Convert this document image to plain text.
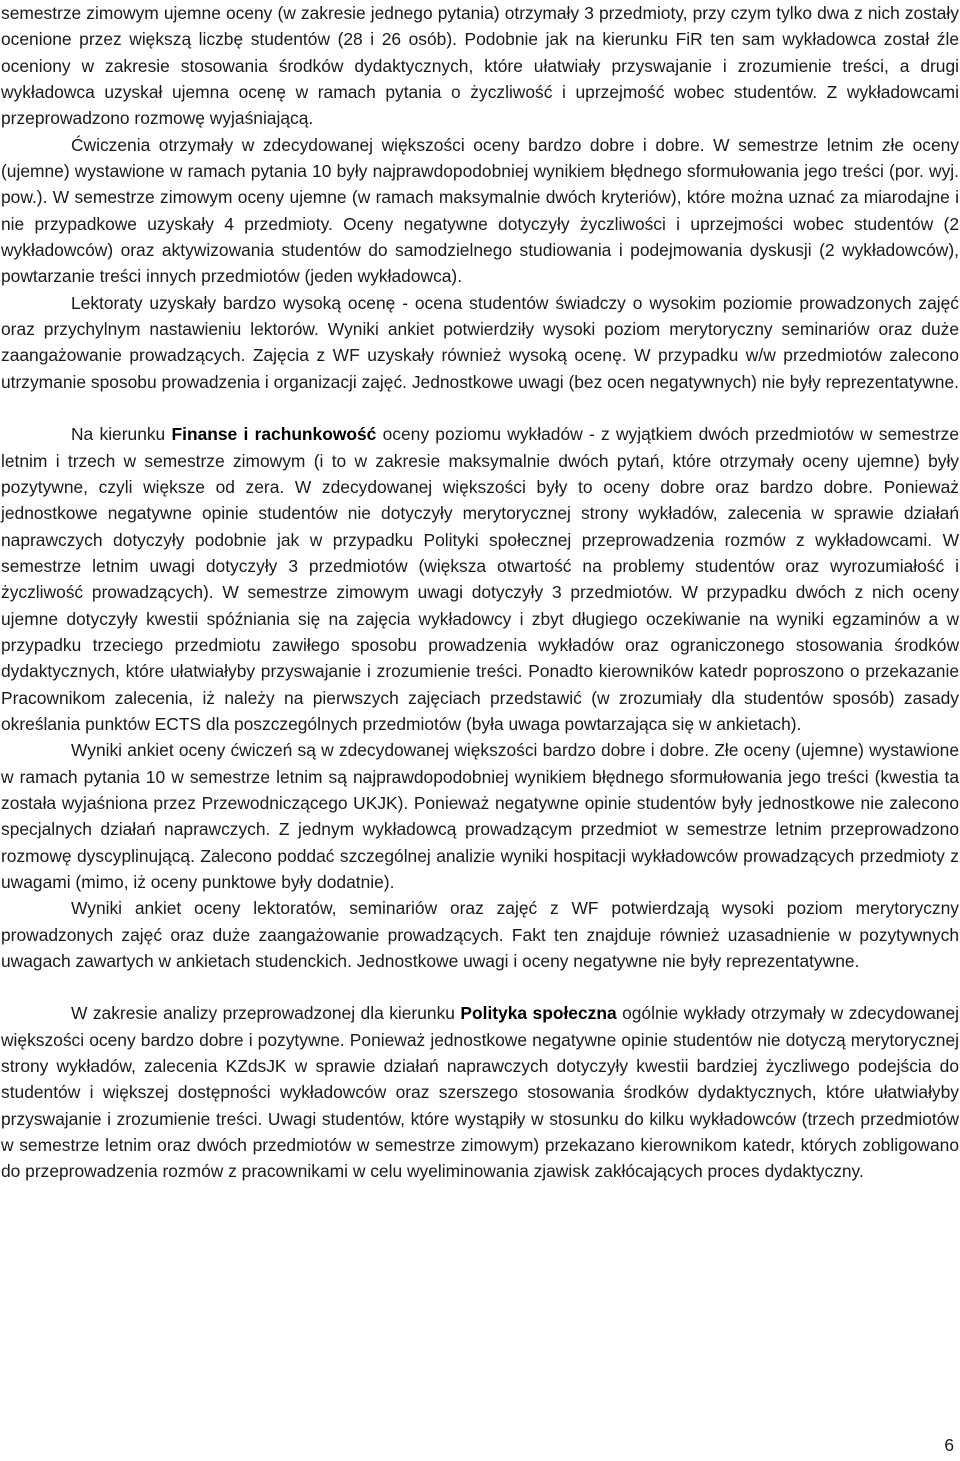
semestrze zimowym ujemne oceny (w zakresie jednego pytania) otrzymały 3 przedmioty, przy czym tylko dwa z nich zostały ocenione przez większą liczbę studentów (28 i 26 osób). Podobnie jak na kierunku FiR ten sam wykładowca został źle oceniony w zakresie stosowania środków dydaktycznych, które ułatwiały przyswajanie i zrozumienie treści, a drugi wykładowca uzyskał ujemna ocenę w ramach pytania o życzliwość i uprzejmość wobec studentów. Z wykładowcami przeprowadzono rozmowę wyjaśniającą.

Ćwiczenia otrzymały w zdecydowanej większości oceny bardzo dobre i dobre. W semestrze letnim złe oceny (ujemne) wystawione w ramach pytania 10 były najprawdopodobniej wynikiem błędnego sformułowania jego treści (por. wyj. pow.). W semestrze zimowym oceny ujemne (w ramach maksymalnie dwóch kryteriów), które można uznać za miarodajne i nie przypadkowe uzyskały 4 przedmioty. Oceny negatywne dotyczyły życzliwości i uprzejmości wobec studentów (2 wykładowców) oraz aktywizowania studentów do samodzielnego studiowania i podejmowania dyskusji (2 wykładowców), powtarzanie treści innych przedmiotów (jeden wykładowca).

Lektoraty uzyskały bardzo wysoką ocenę - ocena studentów świadczy o wysokim poziomie prowadzonych zajęć oraz przychylnym nastawieniu lektorów. Wyniki ankiet potwierdziły wysoki poziom merytoryczny seminariów oraz duże zaangażowanie prowadzących. Zajęcia z WF uzyskały również wysoką ocenę. W przypadku w/w przedmiotów zalecono utrzymanie sposobu prowadzenia i organizacji zajęć. Jednostkowe uwagi (bez ocen negatywnych) nie były reprezentatywne.

Na kierunku Finanse i rachunkowość oceny poziomu wykładów - z wyjątkiem dwóch przedmiotów w semestrze letnim i trzech w semestrze zimowym (i to w zakresie maksymalnie dwóch pytań, które otrzymały oceny ujemne) były pozytywne, czyli większe od zera. W zdecydowanej większości były to oceny dobre oraz bardzo dobre. Ponieważ jednostkowe negatywne opinie studentów nie dotyczyły merytorycznej strony wykładów, zalecenia w sprawie działań naprawczych dotyczyły podobnie jak w przypadku Polityki społecznej przeprowadzenia rozmów z wykładowcami. W semestrze letnim uwagi dotyczyły 3 przedmiotów (większa otwartość na problemy studentów oraz wyrozumiałość i życzliwość prowadzących). W semestrze zimowym uwagi dotyczyły 3 przedmiotów. W przypadku dwóch z nich oceny ujemne dotyczyły kwestii spóźniania się na zajęcia wykładowcy i zbyt długiego oczekiwanie na wyniki egzaminów a w przypadku trzeciego przedmiotu zawiłego sposobu prowadzenia wykładów oraz ograniczonego stosowania środków dydaktycznych, które ułatwiałyby przyswajanie i zrozumienie treści. Ponadto kierowników katedr poproszono o przekazanie Pracownikom zalecenia, iż należy na pierwszych zajęciach przedstawić (w zrozumiały dla studentów sposób) zasady określania punktów ECTS dla poszczególnych przedmiotów (była uwaga powtarzająca się w ankietach).

Wyniki ankiet oceny ćwiczeń są w zdecydowanej większości bardzo dobre i dobre. Złe oceny (ujemne) wystawione w ramach pytania 10 w semestrze letnim są najprawdopodobniej wynikiem błędnego sformułowania jego treści (kwestia ta została wyjaśniona przez Przewodniczącego UKJK). Ponieważ negatywne opinie studentów były jednostkowe nie zalecono specjalnych działań naprawczych. Z jednym wykładowcą prowadzącym przedmiot w semestrze letnim przeprowadzono rozmowę dyscyplinującą. Zalecono poddać szczególnej analizie wyniki hospitacji wykładowców prowadzących przedmioty z uwagami (mimo, iż oceny punktowe były dodatnie).

Wyniki ankiet oceny lektoratów, seminariów oraz zajęć z WF potwierdzają wysoki poziom merytoryczny prowadzonych zajęć oraz duże zaangażowanie prowadzących. Fakt ten znajduje również uzasadnienie w pozytywnych uwagach zawartych w ankietach studenckich. Jednostkowe uwagi i oceny negatywne nie były reprezentatywne.

W zakresie analizy przeprowadzonej dla kierunku Polityka społeczna ogólnie wykłady otrzymały w zdecydowanej większości oceny bardzo dobre i pozytywne. Ponieważ jednostkowe negatywne opinie studentów nie dotyczą merytorycznej strony wykładów, zalecenia KZdsJK w sprawie działań naprawczych dotyczyły kwestii bardziej życzliwego podejścia do studentów i większej dostępności wykładowców oraz szerszego stosowania środków dydaktycznych, które ułatwiałyby przyswajanie i zrozumienie treści. Uwagi studentów, które wystąpiły w stosunku do kilku wykładowców (trzech przedmiotów w semestrze letnim oraz dwóch przedmiotów w semestrze zimowym) przekazano kierownikom katedr, których zobligowano do przeprowadzenia rozmów z pracownikami w celu wyeliminowania zjawisk zakłócających proces dydaktyczny.

6
